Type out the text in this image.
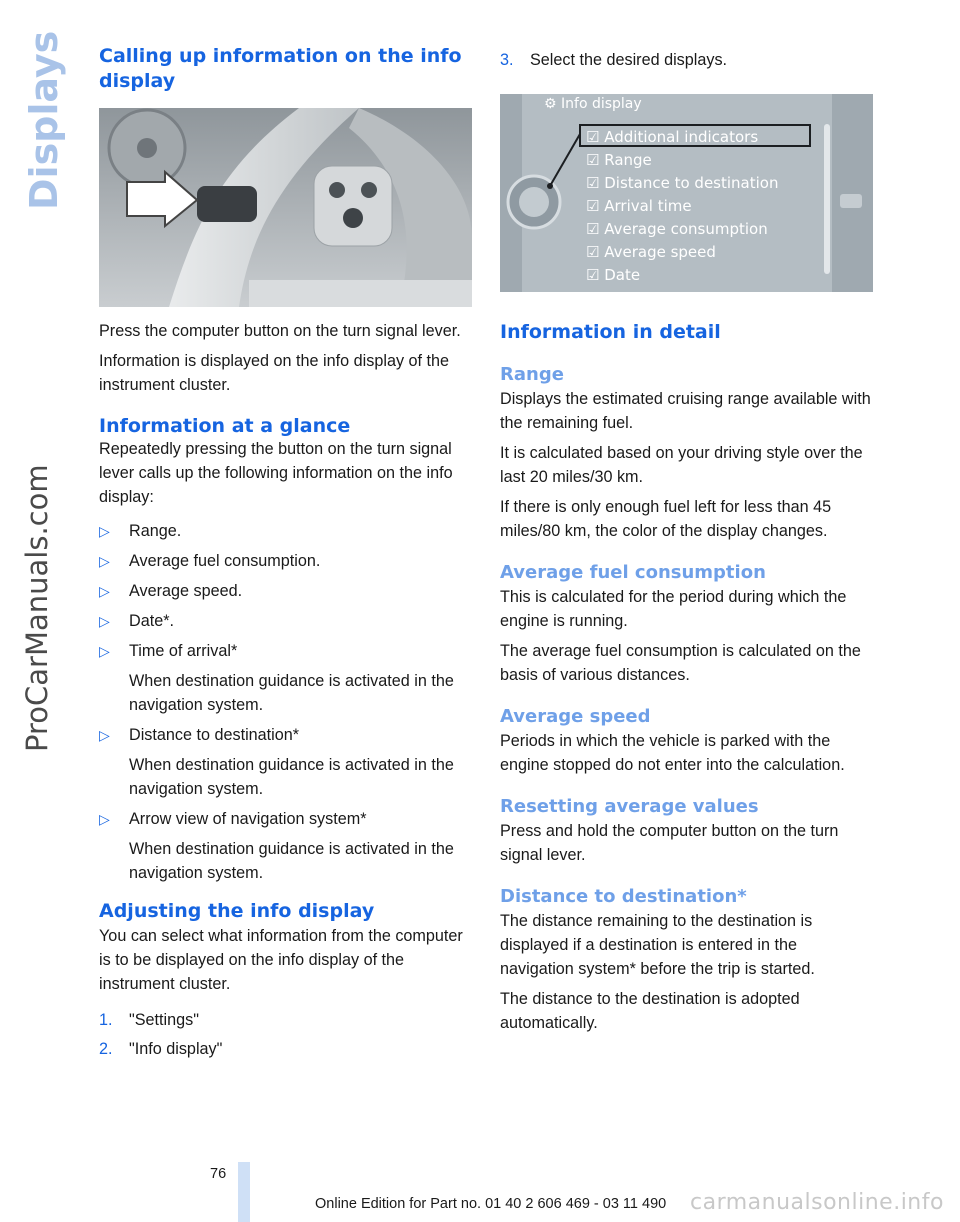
Displays
ProCarManuals.com
Calling up information on the info display

Press the computer button on the turn signal lever.

Information is displayed on the info display of the instrument cluster.

Information at a glance

Repeatedly pressing the button on the turn signal lever calls up the following information on the info display:

▷	Range.
▷	Average fuel consumption.
▷	Average speed.
▷	Date*.
▷	Time of arrival*

When destination guidance is activated in the navigation system.

▷	Distance to destination*

When destination guidance is activated in the navigation system.

▷	Arrow view of navigation system*

When destination guidance is activated in the navigation system.

Adjusting the info display

You can select what information from the computer is to be displayed on the info display of the instrument cluster.

1.	"Settings"
2.	"Info display"
3.	Select the desired displays.
⚙ Info display
☑ Additional indicators
☑ Range
☑ Distance to destination
☑ Arrival time
☑ Average consumption
☑ Average speed
☑ Date
Information in detail
Range

Displays the estimated cruising range available with the remaining fuel.

It is calculated based on your driving style over the last 20 miles/30 km.

If there is only enough fuel left for less than 45 miles/80 km, the color of the display changes.

Average fuel consumption

This is calculated for the period during which the engine is running.

The average fuel consumption is calculated on the basis of various distances.

Average speed

Periods in which the vehicle is parked with the engine stopped do not enter into the calculation.

Resetting average values

Press and hold the computer button on the turn signal lever.

Distance to destination*

The distance remaining to the destination is displayed if a destination is entered in the navigation system* before the trip is started.

The distance to the destination is adopted automatically.

76
Online Edition for Part no. 01 40 2 606 469 - 03 11 490 carmanualsonline.info
